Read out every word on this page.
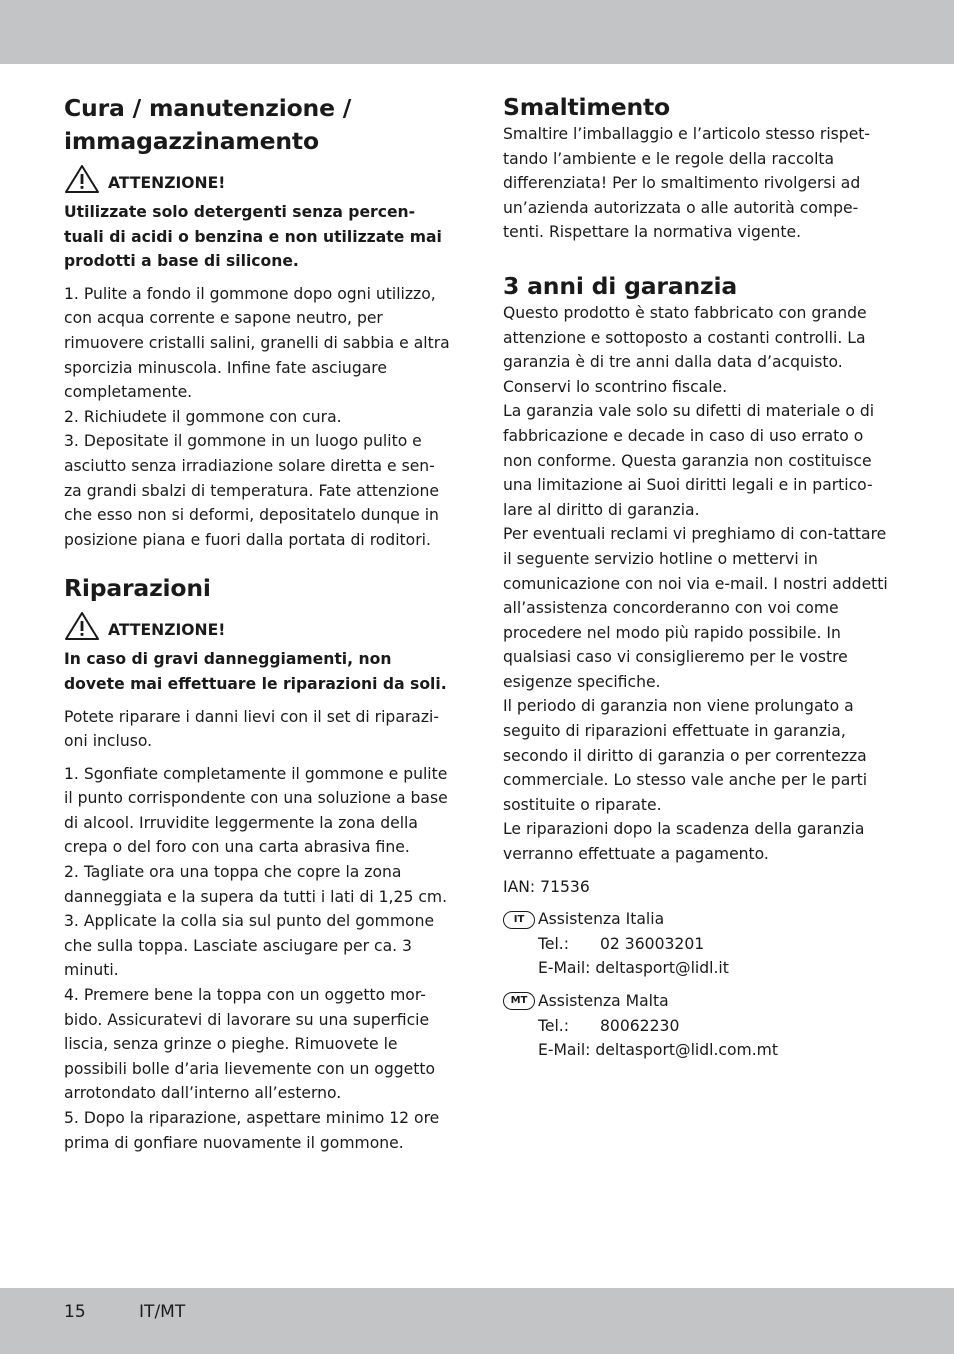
Cura / manutenzione /
immagazzinamento
ATTENZIONE!

Utilizzate solo detergenti senza percen-tuali di acidi o benzina e non utilizzate mai prodotti a base di silicone.

1. Pulite a fondo il gommone dopo ogni utilizzo, con acqua corrente e sapone neutro, per rimuovere cristalli salini, granelli di sabbia e altra sporcizia minuscola. Infine fate asciugare completamente.

2. Richiudete il gommone con cura.

3. Depositate il gommone in un luogo pulito e asciutto senza irradiazione solare diretta e sen-za grandi sbalzi di temperatura. Fate attenzione che esso non si deformi, depositatelo dunque in posizione piana e fuori dalla portata di roditori.

Riparazioni
ATTENZIONE!

In caso di gravi danneggiamenti, non dovete mai effettuare le riparazioni da soli.

Potete riparare i danni lievi con il set di riparazi-oni incluso.

1. Sgonfiate completamente il gommone e pulite il punto corrispondente con una soluzione a base di alcool. Irruvidite leggermente la zona della crepa o del foro con una carta abrasiva fine.

2. Tagliate ora una toppa che copre la zona danneggiata e la supera da tutti i lati di 1,25 cm.

3. Applicate la colla sia sul punto del gommone che sulla toppa. Lasciate asciugare per ca. 3 minuti.

4. Premere bene la toppa con un oggetto mor-bido. Assicuratevi di lavorare su una superficie liscia, senza grinze o pieghe. Rimuovete le possibili bolle d’aria lievemente con un oggetto arrotondato dall’interno all’esterno.

5. Dopo la riparazione, aspettare minimo 12 ore prima di gonfiare nuovamente il gommone.

Smaltimento

Smaltire l’imballaggio e l’articolo stesso rispet-tando l’ambiente e le regole della raccolta differenziata! Per lo smaltimento rivolgersi ad un’azienda autorizzata o alle autorità compe-tenti. Rispettare la normativa vigente.

3 anni di garanzia

Questo prodotto è stato fabbricato con grande attenzione e sottoposto a costanti controlli. La garanzia è di tre anni dalla data d’acquisto. Conservi lo scontrino fiscale.

La garanzia vale solo su difetti di materiale o di fabbricazione e decade in caso di uso errato o non conforme. Questa garanzia non costituisce una limitazione ai Suoi diritti legali e in partico-lare al diritto di garanzia.

Per eventuali reclami vi preghiamo di con-tattare il seguente servizio hotline o mettervi in comunicazione con noi via e-mail. I nostri addetti all’assistenza concorderanno con voi come procedere nel modo più rapido possibile. In qualsiasi caso vi consiglieremo per le vostre esigenze specifiche.

Il periodo di garanzia non viene prolungato a seguito di riparazioni effettuate in garanzia, secondo il diritto di garanzia o per correntezza commerciale. Lo stesso vale anche per le parti sostituite o riparate.

Le riparazioni dopo la scadenza della garanzia verranno effettuate a pagamento.

IAN: 71536

IT Assistenza Italia
Tel.:	02 36003201
E-Mail:
deltasport@lidl.it
MT Assistenza Malta
Tel.:	80062230
E-Mail:
deltasport@lidl.com.mt
15	IT/MT
